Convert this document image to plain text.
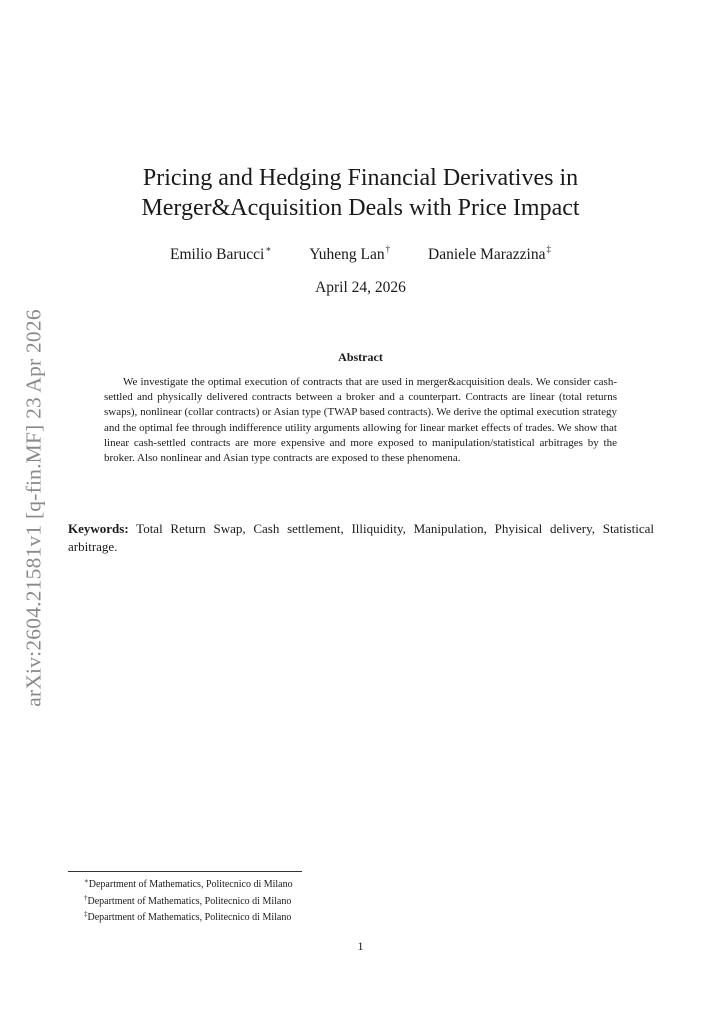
arXiv:2604.21581v1 [q-fin.MF] 23 Apr 2026
Pricing and Hedging Financial Derivatives in
Merger&Acquisition Deals with Price Impact
Emilio Barucci∗ Yuheng Lan† Daniele Marazzina‡
April 24, 2026
Abstract
We investigate the optimal execution of contracts that are used in merger&acquisition deals. We consider cash-settled and physically delivered contracts between a broker and a counterpart. Contracts are linear (total returns swaps), nonlinear (collar contracts) or Asian type (TWAP based contracts). We derive the optimal execution strategy and the optimal fee through indifference utility arguments allowing for linear market effects of trades. We show that linear cash-settled contracts are more expensive and more exposed to manipulation/statistical arbitrages by the broker. Also nonlinear and Asian type contracts are exposed to these phenomena.
Keywords: Total Return Swap, Cash settlement, Illiquidity, Manipulation, Phyisical delivery, Statistical arbitrage.
∗Department of Mathematics, Politecnico di Milano
†Department of Mathematics, Politecnico di Milano
‡Department of Mathematics, Politecnico di Milano
1
